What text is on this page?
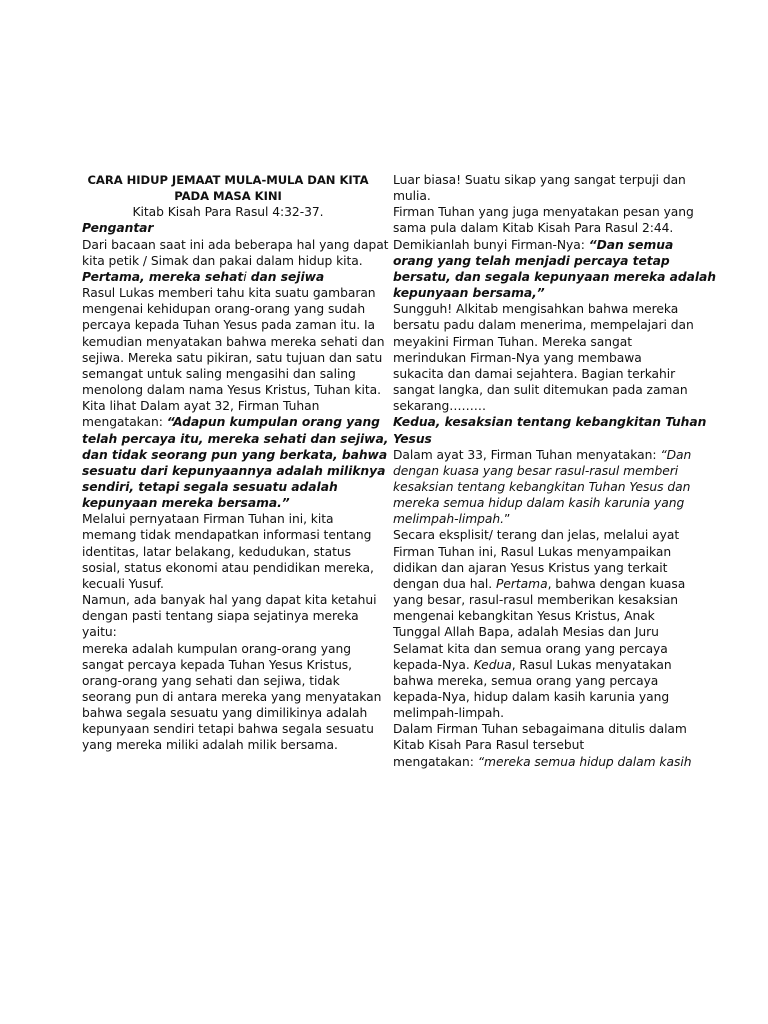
CARA HIDUP JEMAAT MULA-MULA DAN KITA
PADA MASA KINI
Kitab Kisah Para Rasul 4:32-37.
Pengantar
Dari bacaan saat ini ada beberapa hal yang dapat
kita petik / Simak dan pakai dalam hidup kita.
Pertama, mereka sehati dan sejiwa
Rasul Lukas memberi tahu kita suatu gambaran
mengenai kehidupan orang-orang yang sudah
percaya kepada Tuhan Yesus pada zaman itu. Ia
kemudian menyatakan bahwa mereka sehati dan
sejiwa. Mereka satu pikiran, satu tujuan dan satu
semangat untuk saling mengasihi dan saling
menolong dalam nama Yesus Kristus, Tuhan kita.
Kita lihat Dalam ayat 32, Firman Tuhan
mengatakan: “Adapun kumpulan orang yang
telah percaya itu, mereka sehati dan sejiwa,
dan tidak seorang pun yang berkata, bahwa
sesuatu dari kepunyaannya adalah miliknya
sendiri, tetapi segala sesuatu adalah
kepunyaan mereka bersama.”
Melalui pernyataan Firman Tuhan ini, kita
memang tidak mendapatkan informasi tentang
identitas, latar belakang, kedudukan, status
sosial, status ekonomi atau pendidikan mereka,
kecuali Yusuf.
Namun, ada banyak hal yang dapat kita ketahui
dengan pasti tentang siapa sejatinya mereka
yaitu:
mereka adalah kumpulan orang-orang yang
sangat percaya kepada Tuhan Yesus Kristus,
orang-orang yang sehati dan sejiwa, tidak
seorang pun di antara mereka yang menyatakan
bahwa segala sesuatu yang dimilikinya adalah
kepunyaan sendiri tetapi bahwa segala sesuatu
yang mereka miliki adalah milik bersama.
Luar biasa! Suatu sikap yang sangat terpuji dan
mulia.
Firman Tuhan yang juga menyatakan pesan yang
sama pula dalam Kitab Kisah Para Rasul 2:44.
Demikianlah bunyi Firman-Nya: “Dan semua
orang yang telah menjadi percaya tetap
bersatu, dan segala kepunyaan mereka adalah
kepunyaan bersama,”
Sungguh! Alkitab mengisahkan bahwa mereka
bersatu padu dalam menerima, mempelajari dan
meyakini Firman Tuhan. Mereka sangat
merindukan Firman-Nya yang membawa
sukacita dan damai sejahtera. Bagian terkahir
sangat langka, dan sulit ditemukan pada zaman
sekarang………
Kedua, kesaksian tentang kebangkitan Tuhan
Yesus
Dalam ayat 33, Firman Tuhan menyatakan: “Dan
dengan kuasa yang besar rasul-rasul memberi
kesaksian tentang kebangkitan Tuhan Yesus dan
mereka semua hidup dalam kasih karunia yang
melimpah-limpah.”
Secara eksplisit/ terang dan jelas, melalui ayat
Firman Tuhan ini, Rasul Lukas menyampaikan
didikan dan ajaran Yesus Kristus yang terkait
dengan dua hal. Pertama, bahwa dengan kuasa
yang besar, rasul-rasul memberikan kesaksian
mengenai kebangkitan Yesus Kristus, Anak
Tunggal Allah Bapa, adalah Mesias dan Juru
Selamat kita dan semua orang yang percaya
kepada-Nya. Kedua, Rasul Lukas menyatakan
bahwa mereka, semua orang yang percaya
kepada-Nya, hidup dalam kasih karunia yang
melimpah-limpah.
Dalam Firman Tuhan sebagaimana ditulis dalam
Kitab Kisah Para Rasul tersebut
mengatakan: “mereka semua hidup dalam kasih
